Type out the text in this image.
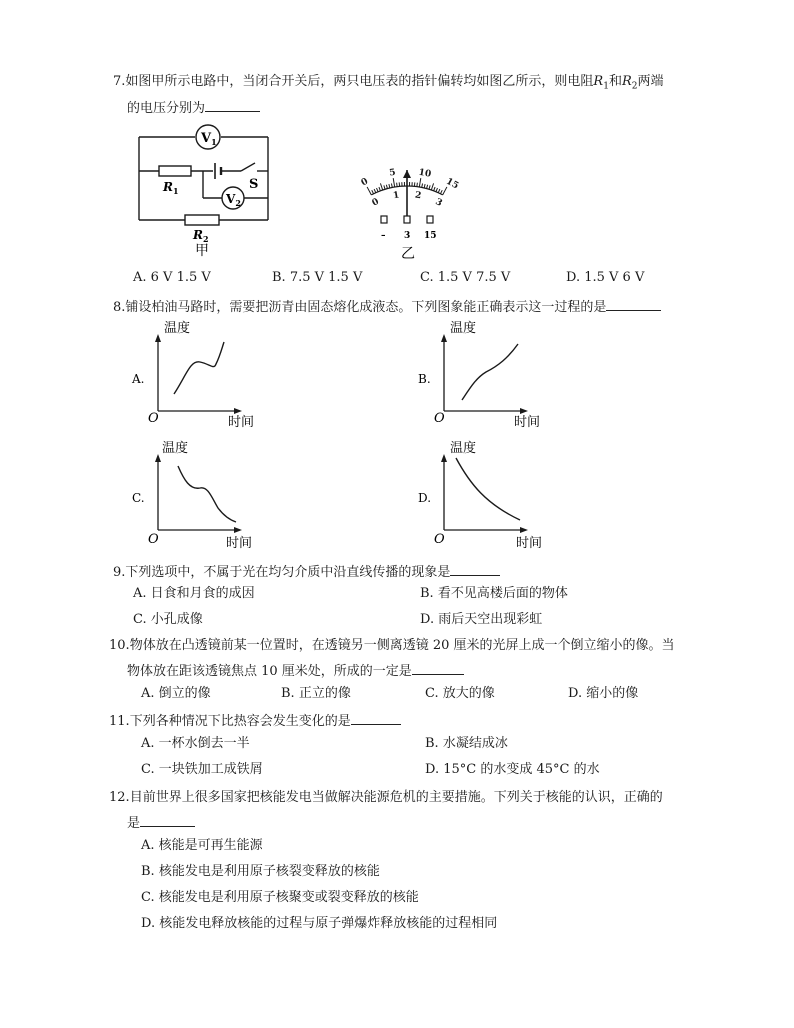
7.如图甲所示电路中，当闭合开关后，两只电压表的指针偏转均如图乙所示，则电阻$R_1$和$R_2$两端
的电压分别为
$V_1$
$V_2$
$R_1$	S
$R_2$
甲
0
5 10
15
0
1 2
3
– 3 15
乙
A. 6 V 1.5 V	B. 7.5 V 1.5 V	C. 1.5 V 7.5 V	D. 1.5 V 6 V
8.铺设柏油马路时，需要把沥青由固态熔化成液态。下列图象能正确表示这一过程的是
A.
温度
O	时间
B.
温度
O	时间
C.
温度
O	时间
D.
温度
O	时间
9.下列选项中，不属于光在均匀介质中沿直线传播的现象是
A. 日食和月食的成因	B. 看不见高楼后面的物体
C. 小孔成像	D. 雨后天空出现彩虹
10.物体放在凸透镜前某一位置时，在透镜另一侧离透镜 20 厘米的光屏上成一个倒立缩小的像。当
物体放在距该透镜焦点 10 厘米处，所成的一定是
A. 倒立的像	B. 正立的像	C. 放大的像	D. 缩小的像
11.下列各种情况下比热容会发生变化的是
A. 一杯水倒去一半	B. 水凝结成冰
C. 一块铁加工成铁屑	D. 15°C 的水变成 45°C 的水
12.目前世界上很多国家把核能发电当做解决能源危机的主要措施。下列关于核能的认识，正确的
是
A. 核能是可再生能源
B. 核能发电是利用原子核裂变释放的核能
C. 核能发电是利用原子核聚变或裂变释放的核能
D. 核能发电释放核能的过程与原子弹爆炸释放核能的过程相同
